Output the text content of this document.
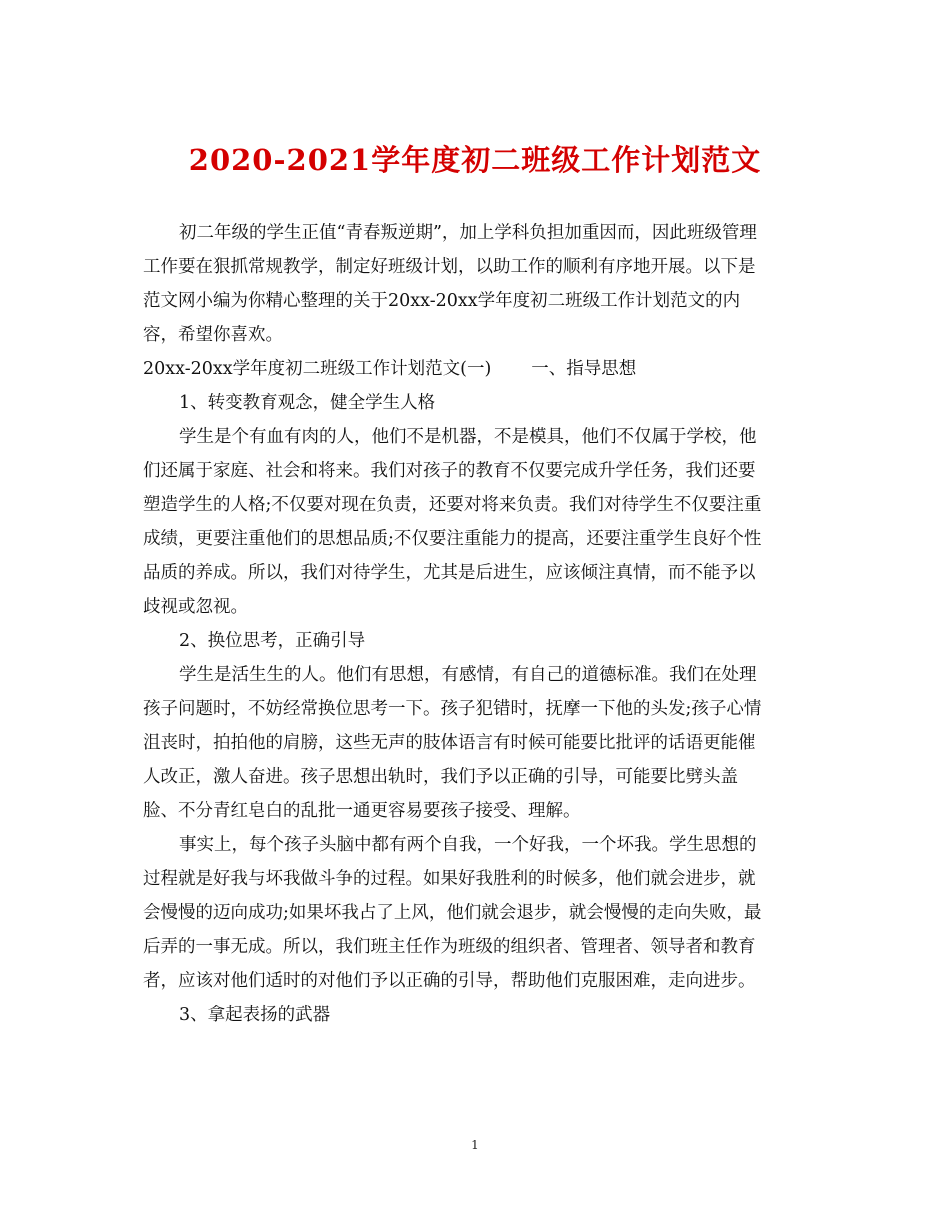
2020-2021学年度初二班级工作计划范文
初二年级的学生正值“青春叛逆期”，加上学科负担加重因而，因此班级管理
工作要在狠抓常规教学，制定好班级计划，以助工作的顺利有序地开展。以下是
范文网小编为你精心整理的关于20xx-20xx学年度初二班级工作计划范文的内
容，希望你喜欢。
20xx-20xx学年度初二班级工作计划范文(一) 一、指导思想
1、转变教育观念，健全学生人格
学生是个有血有肉的人，他们不是机器，不是模具，他们不仅属于学校，他
们还属于家庭、社会和将来。我们对孩子的教育不仅要完成升学任务，我们还要
塑造学生的人格;不仅要对现在负责，还要对将来负责。我们对待学生不仅要注重
成绩，更要注重他们的思想品质;不仅要注重能力的提高，还要注重学生良好个性
品质的养成。所以，我们对待学生，尤其是后进生，应该倾注真情，而不能予以
歧视或忽视。
2、换位思考，正确引导
学生是活生生的人。他们有思想，有感情，有自己的道德标准。我们在处理
孩子问题时，不妨经常换位思考一下。孩子犯错时，抚摩一下他的头发;孩子心情
沮丧时，拍拍他的肩膀，这些无声的肢体语言有时候可能要比批评的话语更能催
人改正，激人奋进。孩子思想出轨时，我们予以正确的引导，可能要比劈头盖
脸、不分青红皂白的乱批一通更容易要孩子接受、理解。
事实上，每个孩子头脑中都有两个自我，一个好我，一个坏我。学生思想的
过程就是好我与坏我做斗争的过程。如果好我胜利的时候多，他们就会进步，就
会慢慢的迈向成功;如果坏我占了上风，他们就会退步，就会慢慢的走向失败，最
后弄的一事无成。所以，我们班主任作为班级的组织者、管理者、领导者和教育
者，应该对他们适时的对他们予以正确的引导，帮助他们克服困难，走向进步。
3、拿起表扬的武器
1
